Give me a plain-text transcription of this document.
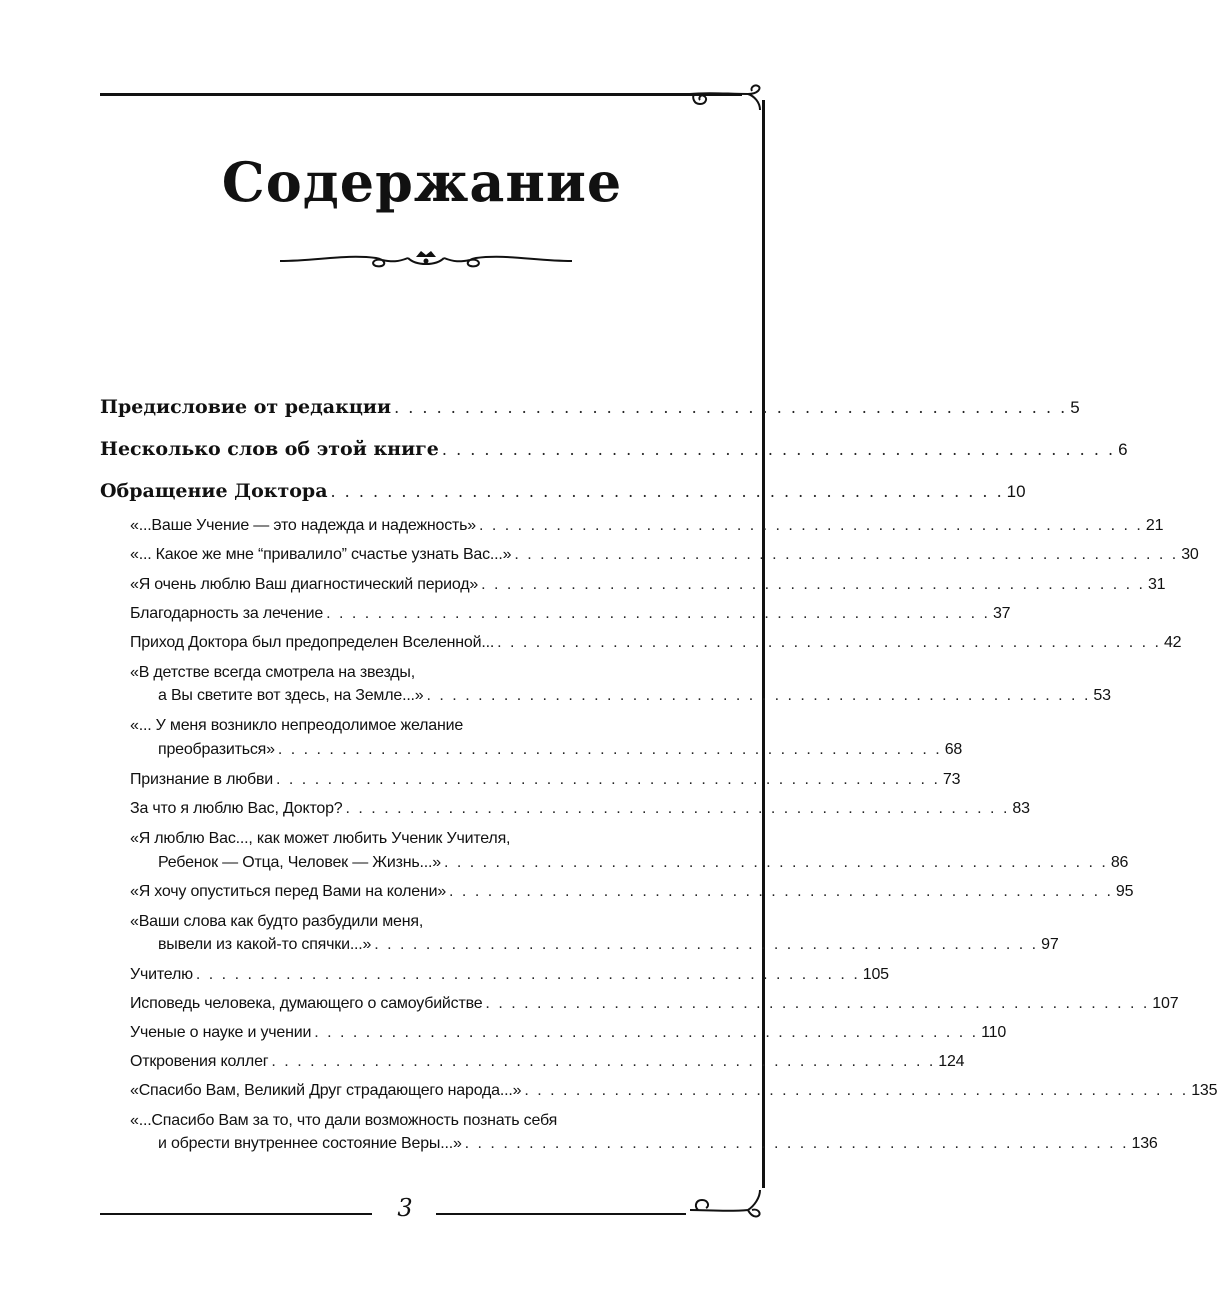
Содержание
Предисловие от редакции . . . . . . . . . . . . . . . . . . . . . . . . . . . . . . . . . . . . . . . . . . . . . . . . 5
Несколько слов об этой книге . . . . . . . . . . . . . . . . . . . . . . . . . . . . . . . . . . . . . . . . . . . . . . . . 6
Обращение Доктора . . . . . . . . . . . . . . . . . . . . . . . . . . . . . . . . . . . . . . . . . . . . . . . . 10
«...Ваше Учение — это надежда и надежность» . . . . . . . . . . . . . . . . . . . . . . . . . . . . . . . . . . . . . . . . . . . . . . . . . . . . 21
«... Какое же мне “привалило” счастье узнать Вас...» . . . . . . . . . . . . . . . . . . . . . . . . . . . . . . . . . . . . . . . . . . . . . . . . . . . . 30
«Я очень люблю Ваш диагностический период» . . . . . . . . . . . . . . . . . . . . . . . . . . . . . . . . . . . . . . . . . . . . . . . . . . . . 31
Благодарность за лечение . . . . . . . . . . . . . . . . . . . . . . . . . . . . . . . . . . . . . . . . . . . . . . . . . . . . 37
Приход Доктора был предопределен Вселенной... . . . . . . . . . . . . . . . . . . . . . . . . . . . . . . . . . . . . . . . . . . . . . . . . . . . . 42
«В детстве всегда смотрела на звезды,
а Вы светите вот здесь, на Земле...» . . . . . . . . . . . . . . . . . . . . . . . . . . . . . . . . . . . . . . . . . . . . . . . . . . . . 53
«... У меня возникло непреодолимое желание
преобразиться» . . . . . . . . . . . . . . . . . . . . . . . . . . . . . . . . . . . . . . . . . . . . . . . . . . . . 68
Признание в любви . . . . . . . . . . . . . . . . . . . . . . . . . . . . . . . . . . . . . . . . . . . . . . . . . . . . 73
За что я люблю Вас, Доктор? . . . . . . . . . . . . . . . . . . . . . . . . . . . . . . . . . . . . . . . . . . . . . . . . . . . . 83
«Я люблю Вас..., как может любить Ученик Учителя,
Ребенок — Отца, Человек — Жизнь...» . . . . . . . . . . . . . . . . . . . . . . . . . . . . . . . . . . . . . . . . . . . . . . . . . . . . 86
«Я хочу опуститься перед Вами на колени» . . . . . . . . . . . . . . . . . . . . . . . . . . . . . . . . . . . . . . . . . . . . . . . . . . . . 95
«Ваши слова как будто разбудили меня,
вывели из какой-то спячки...» . . . . . . . . . . . . . . . . . . . . . . . . . . . . . . . . . . . . . . . . . . . . . . . . . . . . 97
Учителю . . . . . . . . . . . . . . . . . . . . . . . . . . . . . . . . . . . . . . . . . . . . . . . . . . . . 105
Исповедь человека, думающего о самоубийстве . . . . . . . . . . . . . . . . . . . . . . . . . . . . . . . . . . . . . . . . . . . . . . . . . . . . 107
Ученые о науке и учении . . . . . . . . . . . . . . . . . . . . . . . . . . . . . . . . . . . . . . . . . . . . . . . . . . . . 110
Откровения коллег . . . . . . . . . . . . . . . . . . . . . . . . . . . . . . . . . . . . . . . . . . . . . . . . . . . . 124
«Спасибо Вам, Великий Друг страдающего народа...» . . . . . . . . . . . . . . . . . . . . . . . . . . . . . . . . . . . . . . . . . . . . . . . . . . . . 135
«...Спасибо Вам за то, что дали возможность познать себя
и обрести внутреннее состояние Веры...» . . . . . . . . . . . . . . . . . . . . . . . . . . . . . . . . . . . . . . . . . . . . . . . . . . . . 136
3
